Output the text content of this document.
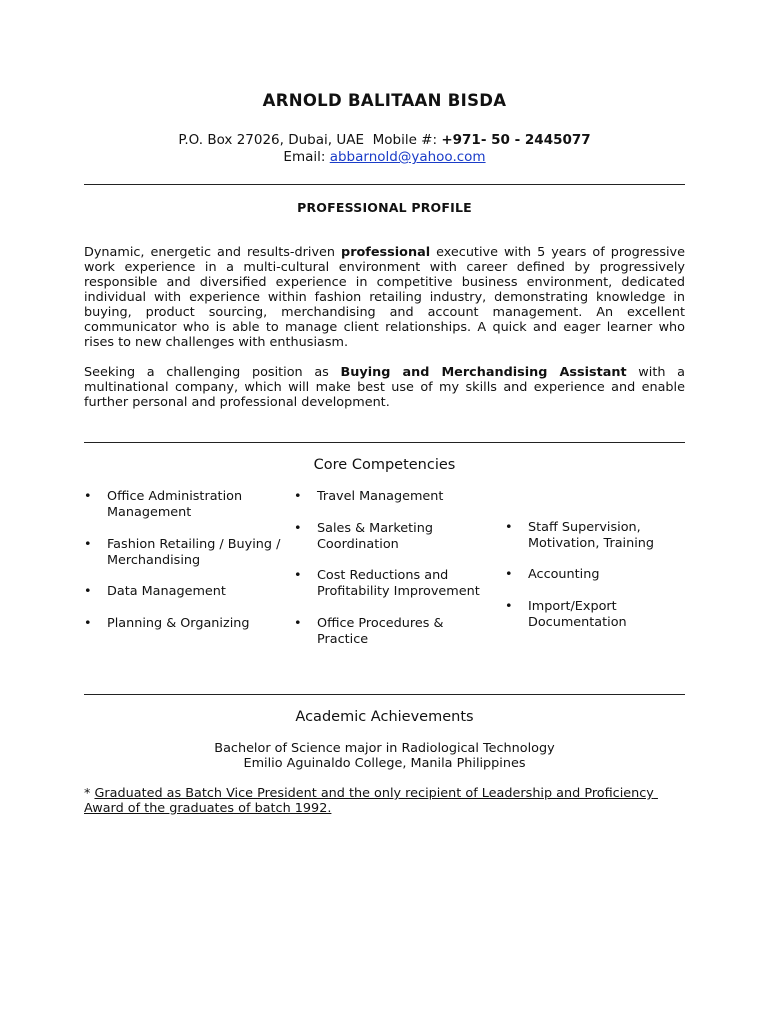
ARNOLD BALITAAN BISDA
P.O. Box 27026, Dubai, UAE  Mobile #: +971- 50 - 2445077
Email: abbarnold@yahoo.com
PROFESSIONAL PROFILE
Dynamic, energetic and results-driven professional executive with 5 years of progressive work experience in a multi-cultural environment with career defined by progressively responsible and diversified experience in competitive business environment, dedicated individual with experience within fashion retailing industry, demonstrating knowledge in buying, product sourcing, merchandising and account management. An excellent communicator who is able to manage client relationships. A quick and eager learner who rises to new challenges with enthusiasm.
Seeking a challenging position as Buying and Merchandising Assistant with a multinational company, which will make best use of my skills and experience and enable further personal and professional development.
Core Competencies
• Office Administration Management
• Fashion Retailing / Buying / Merchandising
• Data Management
• Planning & Organizing
• Travel Management
• Sales & Marketing Coordination
• Cost Reductions and Profitability Improvement
• Office Procedures & Practice
• Staff Supervision, Motivation, Training
• Accounting
• Import/Export Documentation
Academic Achievements
Bachelor of Science major in Radiological Technology
Emilio Aguinaldo College, Manila Philippines
* Graduated as Batch Vice President and the only recipient of Leadership and Proficiency Award of the graduates of batch 1992.
